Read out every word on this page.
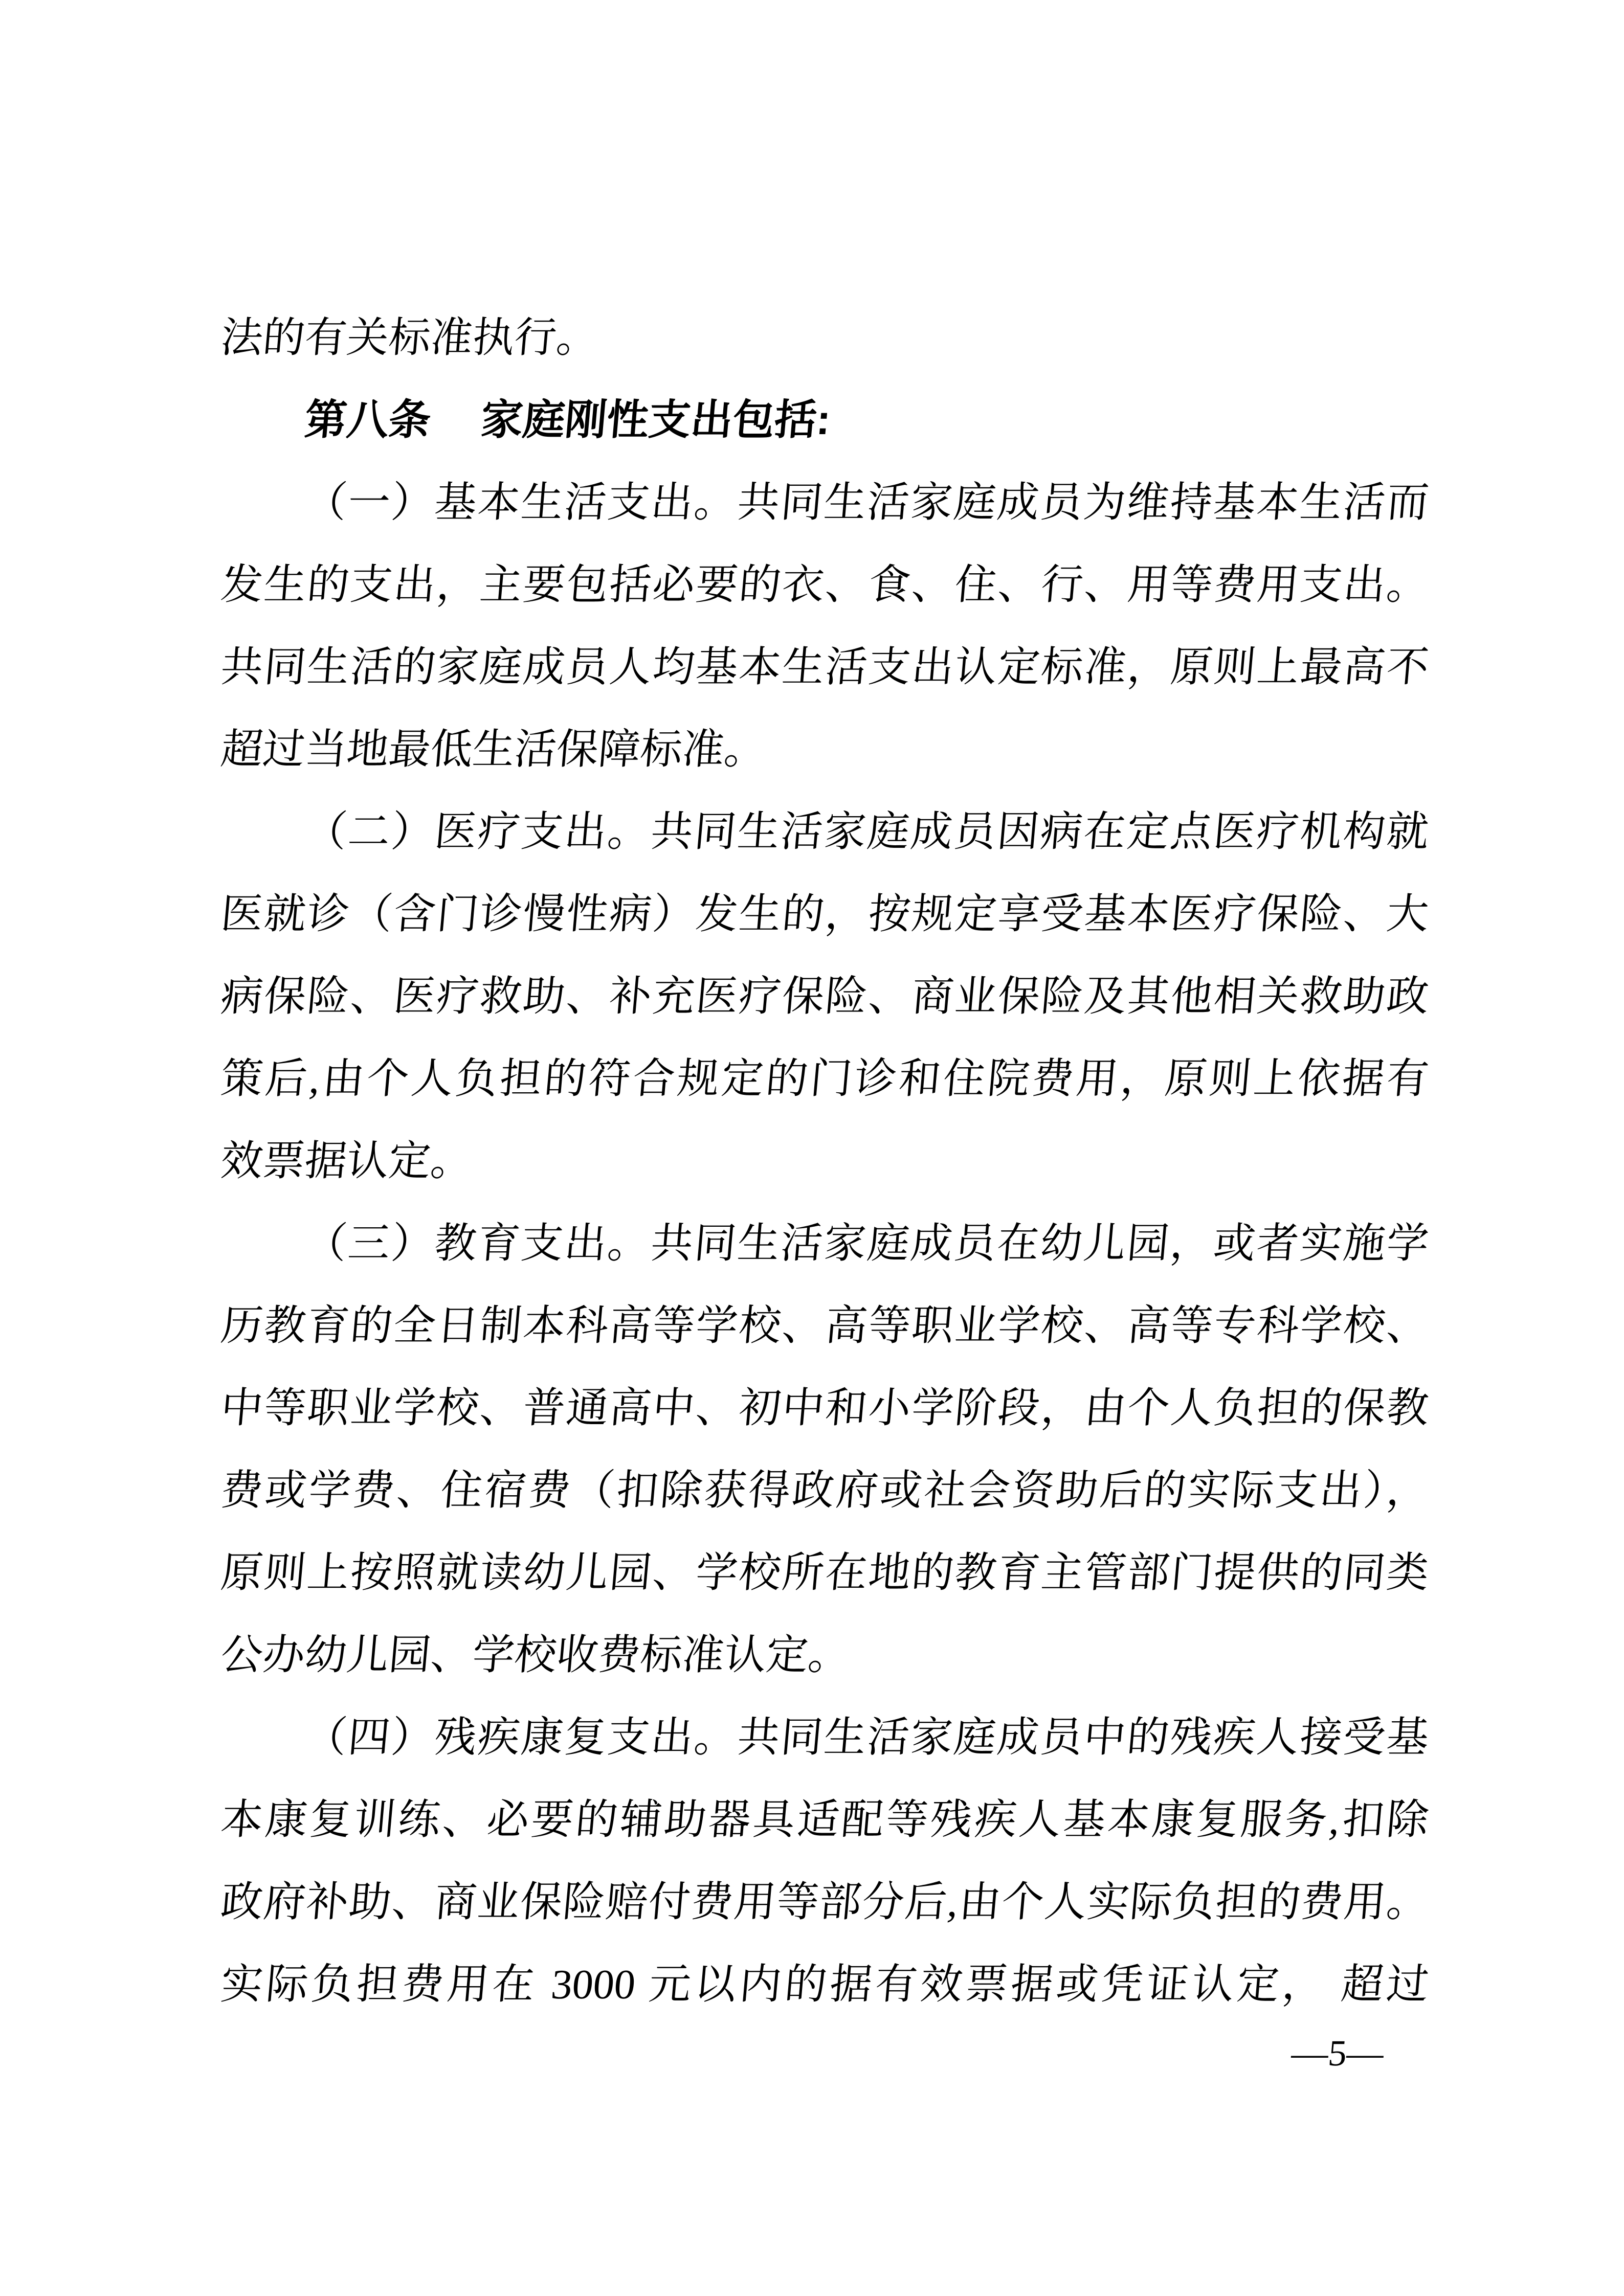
法的有关标准执行。
第八条 家庭刚性支出包括:
（一）基本生活支出。共同生活家庭成员为维持基本生活而
发生的支出，主要包括必要的衣、食、住、行、用等费用支出。
共同生活的家庭成员人均基本生活支出认定标准，原则上最高不
超过当地最低生活保障标准。
（二）医疗支出。共同生活家庭成员因病在定点医疗机构就
医就诊（含门诊慢性病）发生的，按规定享受基本医疗保险、大
病保险、医疗救助、补充医疗保险、商业保险及其他相关救助政
策后,由个人负担的符合规定的门诊和住院费用，原则上依据有
效票据认定。
（三）教育支出。共同生活家庭成员在幼儿园，或者实施学
历教育的全日制本科高等学校、高等职业学校、高等专科学校、
中等职业学校、普通高中、初中和小学阶段，由个人负担的保教
费或学费、住宿费（扣除获得政府或社会资助后的实际支出），
原则上按照就读幼儿园、学校所在地的教育主管部门提供的同类
公办幼儿园、学校收费标准认定。
（四）残疾康复支出。共同生活家庭成员中的残疾人接受基
本康复训练、必要的辅助器具适配等残疾人基本康复服务,扣除
政府补助、商业保险赔付费用等部分后,由个人实际负担的费用。
实际负担费用在 3000 元以内的据有效票据或凭证认定， 超过
—5—
